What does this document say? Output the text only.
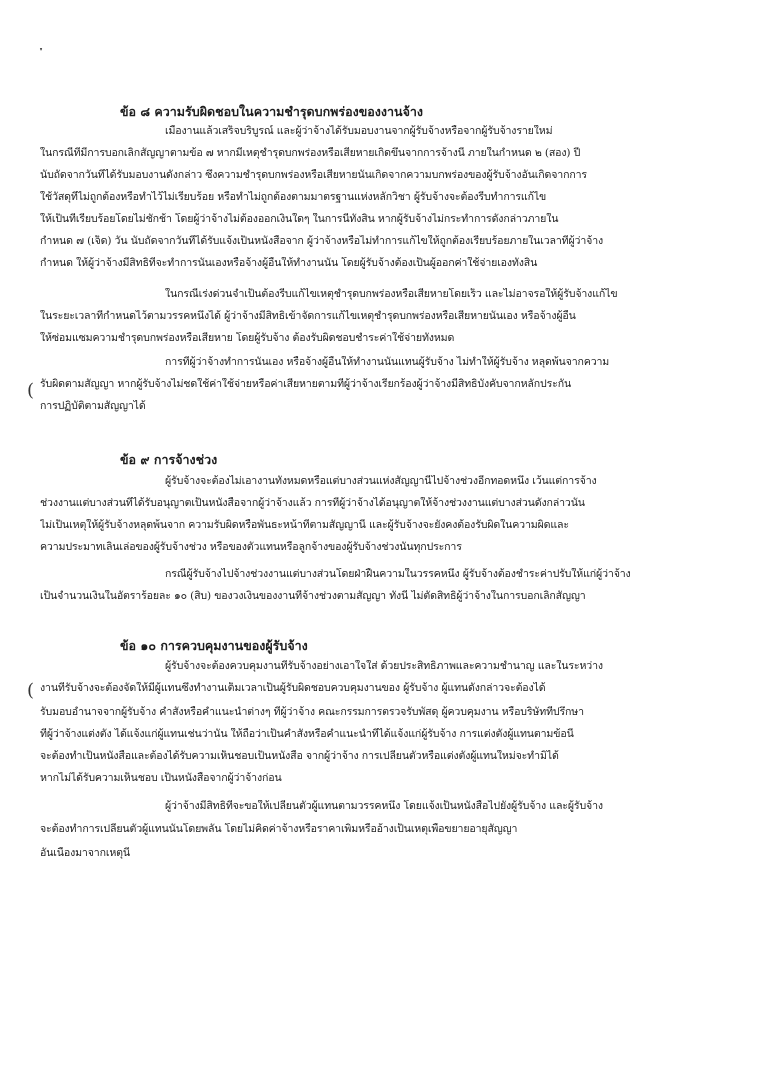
ˑ
ข้อ ๘ ความรับผิดชอบในความชำรุดบกพร่องของงานจ้าง
เมื่องานแล้วเสร็จบริบูรณ์ และผู้ว่าจ้างได้รับมอบงานจากผู้รับจ้างหรือจากผู้รับจ้างรายใหม่
ในกรณีที่มีการบอกเลิกสัญญาตามข้อ ๗ หากมีเหตุชำรุดบกพร่องหรือเสียหายเกิดขึ้นจากการจ้างนี้ ภายในกำหนด ๒ (สอง) ปี
นับถัดจากวันที่ได้รับมอบงานดังกล่าว ซึ่งความชำรุดบกพร่องหรือเสียหายนั้นเกิดจากความบกพร่องของผู้รับจ้างอันเกิดจากการ
ใช้วัสดุที่ไม่ถูกต้องหรือทำไว้ไม่เรียบร้อย หรือทำไม่ถูกต้องตามมาตรฐานแห่งหลักวิชา ผู้รับจ้างจะต้องรีบทำการแก้ไข
ให้เป็นที่เรียบร้อยโดยไม่ชักช้า โดยผู้ว่าจ้างไม่ต้องออกเงินใดๆ ในการนี้ทั้งสิ้น หากผู้รับจ้างไม่กระทำการดังกล่าวภายใน
กำหนด ๗ (เจ็ด) วัน นับถัดจากวันที่ได้รับแจ้งเป็นหนังสือจาก ผู้ว่าจ้างหรือไม่ทำการแก้ไขให้ถูกต้องเรียบร้อยภายในเวลาที่ผู้ว่าจ้าง
กำหนด ให้ผู้ว่าจ้างมีสิทธิที่จะทำการนั้นเองหรือจ้างผู้อื่นให้ทำงานนั้น โดยผู้รับจ้างต้องเป็นผู้ออกค่าใช้จ่ายเองทั้งสิ้น
ในกรณีเร่งด่วนจำเป็นต้องรีบแก้ไขเหตุชำรุดบกพร่องหรือเสียหายโดยเร็ว และไม่อาจรอให้ผู้รับจ้างแก้ไข
ในระยะเวลาที่กำหนดไว้ตามวรรคหนึ่งได้ ผู้ว่าจ้างมีสิทธิเข้าจัดการแก้ไขเหตุชำรุดบกพร่องหรือเสียหายนั้นเอง หรือจ้างผู้อื่น
ให้ซ่อมแซมความชำรุดบกพร่องหรือเสียหาย โดยผู้รับจ้าง ต้องรับผิดชอบชำระค่าใช้จ่ายทั้งหมด
การที่ผู้ว่าจ้างทำการนั้นเอง หรือจ้างผู้อื่นให้ทำงานนั้นแทนผู้รับจ้าง ไม่ทำให้ผู้รับจ้าง หลุดพ้นจากความ
( รับผิดตามสัญญา หากผู้รับจ้างไม่ชดใช้ค่าใช้จ่ายหรือค่าเสียหายตามที่ผู้ว่าจ้างเรียกร้องผู้ว่าจ้างมีสิทธิบังคับจากหลักประกัน
การปฏิบัติตามสัญญาได้
ข้อ ๙ การจ้างช่วง
ผู้รับจ้างจะต้องไม่เอางานทั้งหมดหรือแต่บางส่วนแห่งสัญญานี้ไปจ้างช่วงอีกทอดหนึ่ง เว้นแต่การจ้าง
ช่วงงานแต่บางส่วนที่ได้รับอนุญาตเป็นหนังสือจากผู้ว่าจ้างแล้ว การที่ผู้ว่าจ้างได้อนุญาตให้จ้างช่วงงานแต่บางส่วนดังกล่าวนั้น
ไม่เป็นเหตุให้ผู้รับจ้างหลุดพ้นจาก ความรับผิดหรือพันธะหน้าที่ตามสัญญานี้ และผู้รับจ้างจะยังคงต้องรับผิดในความผิดและ
ความประมาทเลินเล่อของผู้รับจ้างช่วง หรือของตัวแทนหรือลูกจ้างของผู้รับจ้างช่วงนั้นทุกประการ
กรณีผู้รับจ้างไปจ้างช่วงงานแต่บางส่วนโดยฝ่าฝืนความในวรรคหนึ่ง ผู้รับจ้างต้องชำระค่าปรับให้แก่ผู้ว่าจ้าง
เป็นจำนวนเงินในอัตราร้อยละ ๑๐ (สิบ) ของวงเงินของงานที่จ้างช่วงตามสัญญา ทั้งนี้ ไม่ตัดสิทธิผู้ว่าจ้างในการบอกเลิกสัญญา
ข้อ ๑๐ การควบคุมงานของผู้รับจ้าง
ผู้รับจ้างจะต้องควบคุมงานที่รับจ้างอย่างเอาใจใส่ ด้วยประสิทธิภาพและความชำนาญ และในระหว่าง
( งานที่รับจ้างจะต้องจัดให้มีผู้แทนซึ่งทำงานเต็มเวลาเป็นผู้รับผิดชอบควบคุมงานของ ผู้รับจ้าง ผู้แทนดังกล่าวจะต้องได้
รับมอบอำนาจจากผู้รับจ้าง คำสั่งหรือคำแนะนำต่างๆ ที่ผู้ว่าจ้าง คณะกรรมการตรวจรับพัสดุ ผู้ควบคุมงาน หรือบริษัทที่ปรึกษา
ที่ผู้ว่าจ้างแต่งตั้ง ได้แจ้งแก่ผู้แทนเช่นว่านั้น ให้ถือว่าเป็นคำสั่งหรือคำแนะนำที่ได้แจ้งแก่ผู้รับจ้าง การแต่งตั้งผู้แทนตามข้อนี้
จะต้องทำเป็นหนังสือและต้องได้รับความเห็นชอบเป็นหนังสือ จากผู้ว่าจ้าง การเปลี่ยนตัวหรือแต่งตั้งผู้แทนใหม่จะทำมิได้
หากไม่ได้รับความเห็นชอบ เป็นหนังสือจากผู้ว่าจ้างก่อน
ผู้ว่าจ้างมีสิทธิที่จะขอให้เปลี่ยนตัวผู้แทนตามวรรคหนึ่ง โดยแจ้งเป็นหนังสือไปยังผู้รับจ้าง และผู้รับจ้าง
จะต้องทำการเปลี่ยนตัวผู้แทนนั้นโดยพลัน โดยไม่คิดค่าจ้างหรือราคาเพิ่มหรืออ้างเป็นเหตุเพื่อขยายอายุสัญญา
อันเนื่องมาจากเหตุนี้
